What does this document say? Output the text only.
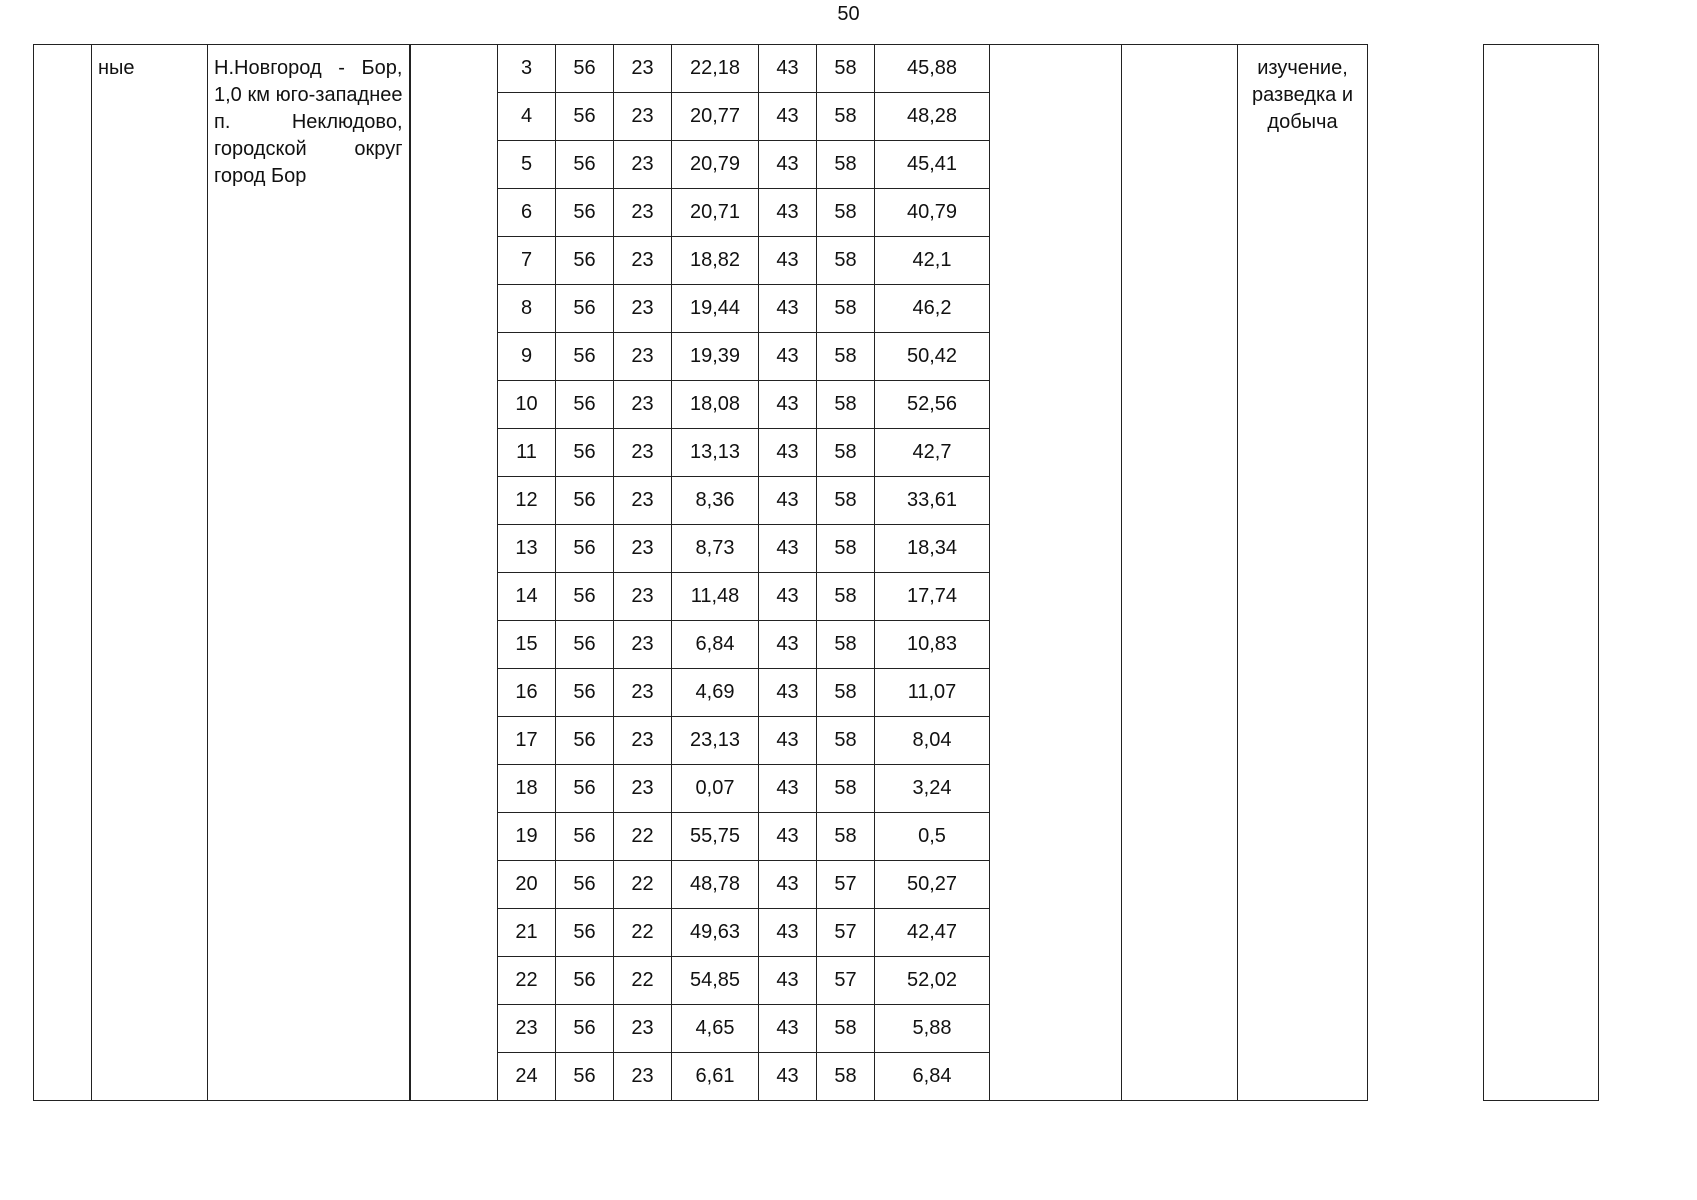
50
	ные	Н.Новгород - Бор, 1,0 км юго-западнее п. Неклюдово, городской округ город Бор		3	56	23	22,18	43	58	45,88			изучение, разведка и добыча		

				4	56	23	20,77	43	58	48,28					
				5	56	23	20,79	43	58	45,41					
				6	56	23	20,71	43	58	40,79					
				7	56	23	18,82	43	58	42,1					
				8	56	23	19,44	43	58	46,2					
				9	56	23	19,39	43	58	50,42					
				10	56	23	18,08	43	58	52,56					
				11	56	23	13,13	43	58	42,7					
				12	56	23	8,36	43	58	33,61					
				13	56	23	8,73	43	58	18,34					
				14	56	23	11,48	43	58	17,74					
				15	56	23	6,84	43	58	10,83					
				16	56	23	4,69	43	58	11,07					
				17	56	23	23,13	43	58	8,04					
				18	56	23	0,07	43	58	3,24					
				19	56	22	55,75	43	58	0,5					
				20	56	22	48,78	43	57	50,27					
				21	56	22	49,63	43	57	42,47					
				22	56	22	54,85	43	57	52,02					
				23	56	23	4,65	43	58	5,88					
				24	56	23	6,61	43	58	6,84					
